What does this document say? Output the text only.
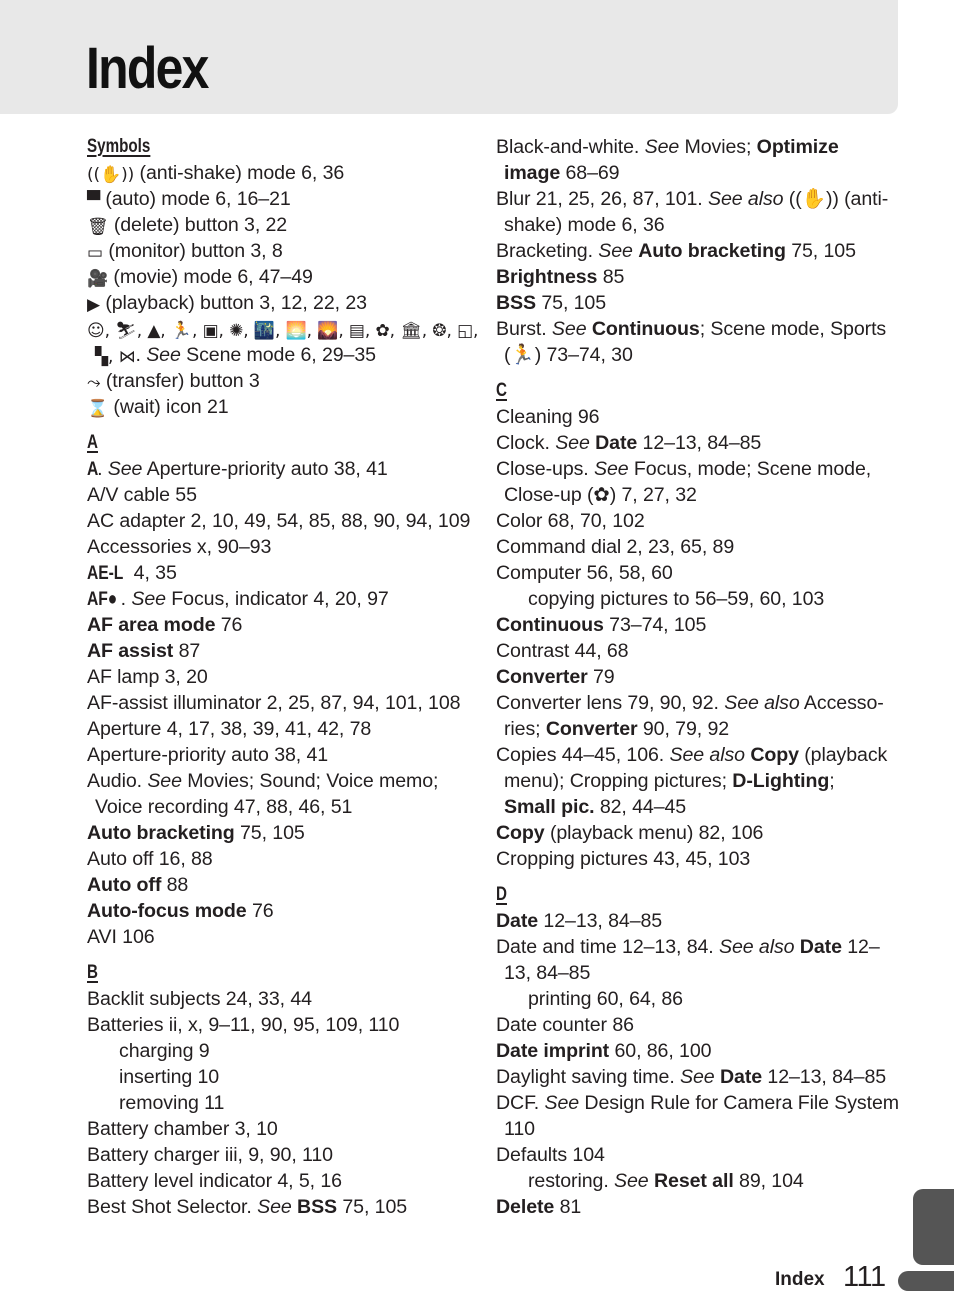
Index
Symbols
((✋)) (anti-shake) mode 6, 36
▀ (auto) mode 6, 16–21
🗑 (delete) button 3, 22
▭ (monitor) button 3, 8
🎥 (movie) mode 6, 47–49
▶ (playback) button 3, 12, 22, 23
☺, ⛷, ▲, 🏃, ▣, ✺, 🌃, 🌅, 🌄, ▤, ✿, 🏛, ❂, ◱,
▚, ⋈. See Scene mode 6, 29–35
⤳ (transfer) button 3
⌛ (wait) icon 21
A
A. See Aperture-priority auto 38, 41
A/V cable 55
AC adapter 2, 10, 49, 54, 85, 88, 90, 94, 109
Accessories x, 90–93
AE-L 4, 35
AF● . See Focus, indicator 4, 20, 97
AF area mode 76
AF assist 87
AF lamp 3, 20
AF-assist illuminator 2, 25, 87, 94, 101, 108
Aperture 4, 17, 38, 39, 41, 42, 78
Aperture-priority auto 38, 41
Audio. See Movies; Sound; Voice memo;
Voice recording 47, 88, 46, 51
Auto bracketing 75, 105
Auto off 16, 88
Auto off 88
Auto-focus mode 76
AVI 106
B
Backlit subjects 24, 33, 44
Batteries ii, x, 9–11, 90, 95, 109, 110
charging 9
inserting 10
removing 11
Battery chamber 3, 10
Battery charger iii, 9, 90, 110
Battery level indicator 4, 5, 16
Best Shot Selector. See BSS 75, 105
Black-and-white. See Movies; Optimize
image 68–69
Blur 21, 25, 26, 87, 101. See also ((✋)) (anti-
shake) mode 6, 36
Bracketing. See Auto bracketing 75, 105
Brightness 85
BSS 75, 105
Burst. See Continuous; Scene mode, Sports
(🏃) 73–74, 30
C
Cleaning 96
Clock. See Date 12–13, 84–85
Close-ups. See Focus, mode; Scene mode,
Close-up (✿) 7, 27, 32
Color 68, 70, 102
Command dial 2, 23, 65, 89
Computer 56, 58, 60
copying pictures to 56–59, 60, 103
Continuous 73–74, 105
Contrast 44, 68
Converter 79
Converter lens 79, 90, 92. See also Accesso-
ries; Converter 90, 79, 92
Copies 44–45, 106. See also Copy (playback
menu); Cropping pictures; D-Lighting;
Small pic. 82, 44–45
Copy (playback menu) 82, 106
Cropping pictures 43, 45, 103
D
Date 12–13, 84–85
Date and time 12–13, 84. See also Date 12–
13, 84–85
printing 60, 64, 86
Date counter 86
Date imprint 60, 86, 100
Daylight saving time. See Date 12–13, 84–85
DCF. See Design Rule for Camera File System
110
Defaults 104
restoring. See Reset all 89, 104
Delete 81
Index 111
